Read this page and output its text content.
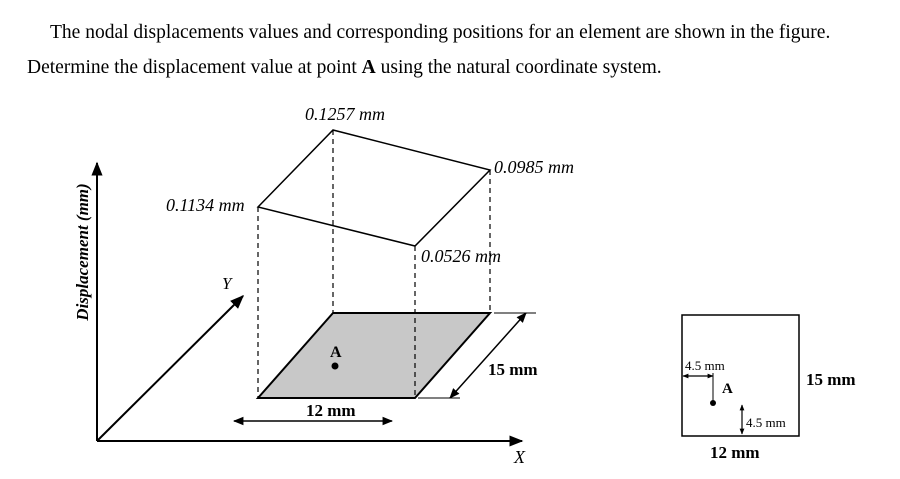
The nodal displacements values and corresponding positions for an element are shown in the figure.
Determine the displacement value at point A using the natural coordinate system.
Displacement (mm)	Y
X
0.1257 mm
0.0985 mm
0.1134 mm
0.0526 mm
A
12 mm
15 mm	4.5 mm
A
4.5 mm
15 mm
12 mm
